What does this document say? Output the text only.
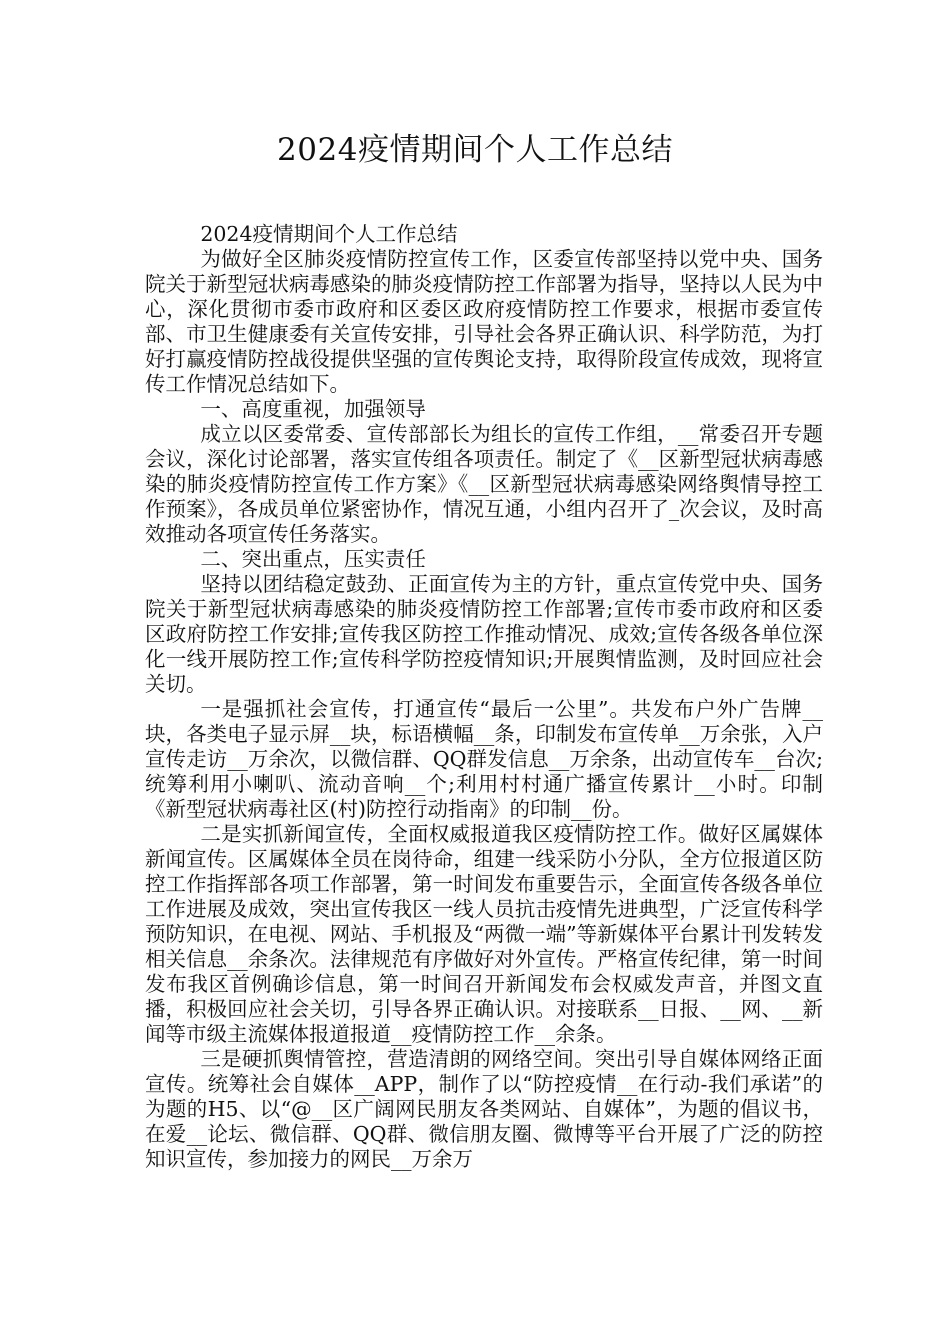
2024疫情期间个人工作总结

2024疫情期间个人工作总结

为做好全区肺炎疫情防控宣传工作，区委宣传部坚持以党中央、国务院关于新型冠状病毒感染的肺炎疫情防控工作部署为指导，坚持以人民为中心，深化贯彻市委市政府和区委区政府疫情防控工作要求，根据市委宣传部、市卫生健康委有关宣传安排，引导社会各界正确认识、科学防范，为打好打赢疫情防控战役提供坚强的宣传舆论支持，取得阶段宣传成效，现将宣传工作情况总结如下。

一、高度重视，加强领导

成立以区委常委、宣传部部长为组长的宣传工作组，__常委召开专题会议，深化讨论部署，落实宣传组各项责任。制定了《__区新型冠状病毒感染的肺炎疫情防控宣传工作方案》《__区新型冠状病毒感染网络舆情导控工作预案》，各成员单位紧密协作，情况互通，小组内召开了_次会议，及时高效推动各项宣传任务落实。

二、突出重点，压实责任

坚持以团结稳定鼓劲、正面宣传为主的方针，重点宣传党中央、国务院关于新型冠状病毒感染的肺炎疫情防控工作部署;宣传市委市政府和区委区政府防控工作安排;宣传我区防控工作推动情况、成效;宣传各级各单位深化一线开展防控工作;宣传科学防控疫情知识;开展舆情监测，及时回应社会关切。

一是强抓社会宣传，打通宣传“最后一公里”。共发布户外广告牌__块，各类电子显示屏__块，标语横幅__条，印制发布宣传单__万余张，入户宣传走访__万余次，以微信群、QQ群发信息__万余条，出动宣传车__台次;统筹利用小喇叭、流动音响__个;利用村村通广播宣传累计__小时。印制《新型冠状病毒社区(村)防控行动指南》的印制__份。

二是实抓新闻宣传，全面权威报道我区疫情防控工作。做好区属媒体新闻宣传。区属媒体全员在岗待命，组建一线采防小分队，全方位报道区防控工作指挥部各项工作部署，第一时间发布重要告示，全面宣传各级各单位工作进展及成效，突出宣传我区一线人员抗击疫情先进典型，广泛宣传科学预防知识，在电视、网站、手机报及“两微一端”等新媒体平台累计刊发转发相关信息__余条次。法律规范有序做好对外宣传。严格宣传纪律，第一时间发布我区首例确诊信息，第一时间召开新闻发布会权威发声音，并图文直播，积极回应社会关切，引导各界正确认识。对接联系__日报、__网、__新闻等市级主流媒体报道报道__疫情防控工作__余条。

三是硬抓舆情管控，营造清朗的网络空间。突出引导自媒体网络正面宣传。统筹社会自媒体__APP，制作了以“防控疫情__在行动-我们承诺”的为题的H5、以“@__区广阔网民朋友各类网站、自媒体”，为题的倡议书，在爱__论坛、微信群、QQ群、微信朋友圈、微博等平台开展了广泛的防控知识宣传，参加接力的网民__万余万
